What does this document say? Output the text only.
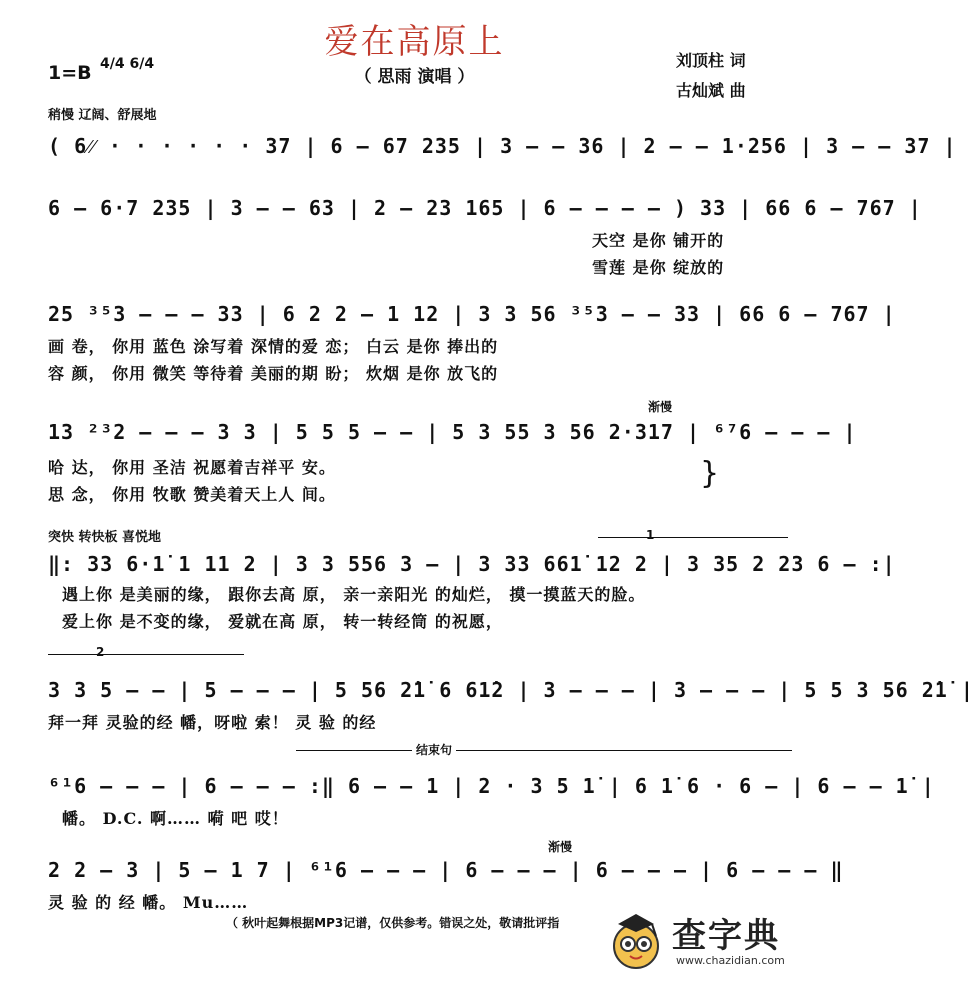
爱在高原上
（ 思雨 演唱 ）
刘顶柱 词
古灿斌 曲
1=B 4/4 6/4
稍慢 辽阔、舒展地
( 6⁄⁄ · · · · · · 37 | 6 – 67 235 | 3 – – 36 | 2 – – 1·256 | 3 – – 37 |
6 – 6·7 235 | 3 – – 63 | 2 – 23 165 | 6 – – – – ) 33 | 66 6 – 767 |
天空 是你 铺开的
雪莲 是你 绽放的
25 ³⁵3 – – – 33 | 6 2 2 – 1 12 | 3 3 56 ³⁵3 – – 33 | 66 6 – 767 |
画 卷， 你用 蓝色 涂写着 深情的爱 恋； 白云 是你 捧出的
容 颜， 你用 微笑 等待着 美丽的期 盼； 炊烟 是你 放飞的
渐慢
13 ²³2 – – – 3 3 | 5 5 5 – – | 5 3 55 3 56 2·317 | ⁶⁷6 – – – |
哈 达， 你用 圣洁 祝愿着吉祥平 安。
思 念， 你用 牧歌 赞美着天上人 间。
}
突快 转快板 喜悦地	1
‖: 33 6·1̇ 1 11 2 | 3 3 556 3 – | 3 33 661̇ 12 2 | 3 35 2 23 6 – :|
遇上你 是美丽的缘， 跟你去高 原， 亲一亲阳光 的灿烂， 摸一摸蓝天的脸。
爱上你 是不变的缘， 爱就在高 原， 转一转经筒 的祝愿，
2
3 3 5 – – | 5 – – – | 5 56 2̇1̇ 6 61̇2 | 3 – – – | 3 – – – | 5 5 3 56 2̇1̇ |
拜一拜 灵验的经 幡，呀啦 索！ 灵 验 的经
结束句
⁶¹6 – – – | 6 – – – :‖ 6 – – 1 | 2 · 3 5 1̇ | 6 1̇ 6 · 6 – | 6 – – 1̇ |
幡。 D.C. 啊…… 嗬 吧 哎！
渐慢
2 2 – 3 | 5 – 1 7 | ⁶¹6 – – – | 6 – – – | 6 – – – | 6 – – – ‖
灵 验 的 经 幡。 Mu……
（ 秋叶起舞根据MP3记谱，仅供参考。错误之处，敬请批评指	查字典
www.chazidian.com
